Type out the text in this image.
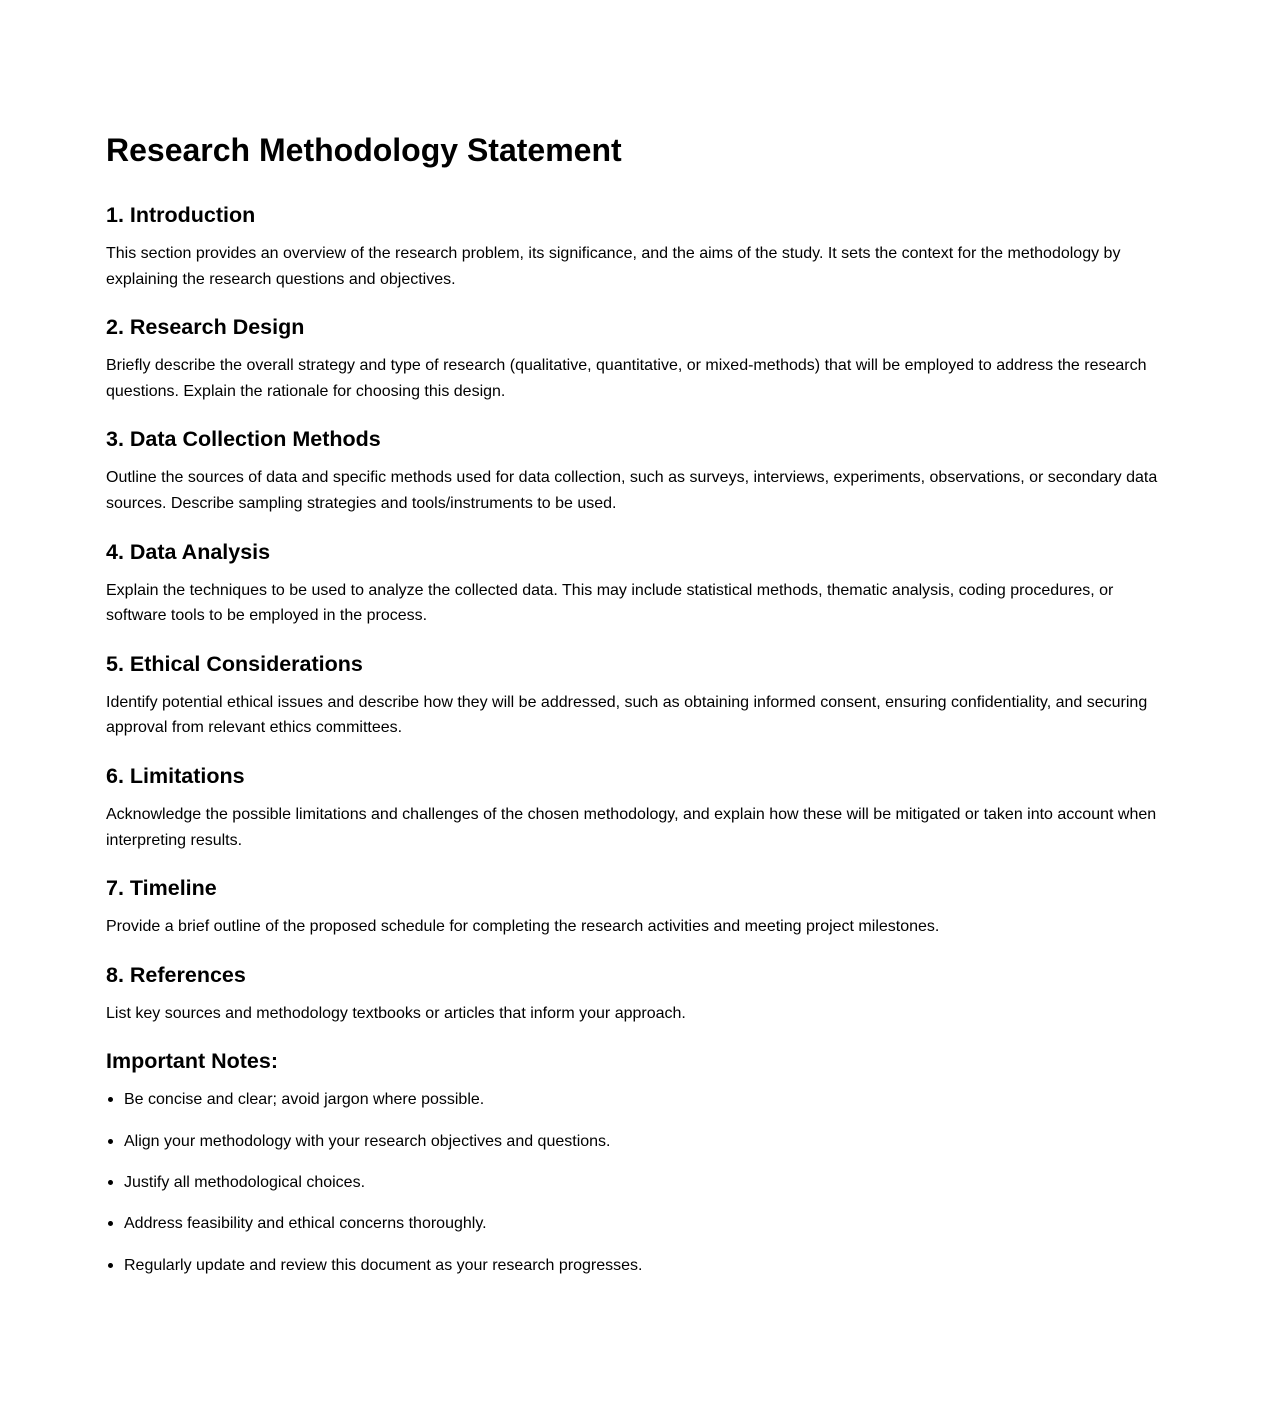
Research Methodology Statement
1. Introduction

This section provides an overview of the research problem, its significance, and the aims of the study. It sets the context for the methodology by explaining the research questions and objectives.

2. Research Design

Briefly describe the overall strategy and type of research (qualitative, quantitative, or mixed-methods) that will be employed to address the research questions. Explain the rationale for choosing this design.

3. Data Collection Methods

Outline the sources of data and specific methods used for data collection, such as surveys, interviews, experiments, observations, or secondary data sources. Describe sampling strategies and tools/instruments to be used.

4. Data Analysis

Explain the techniques to be used to analyze the collected data. This may include statistical methods, thematic analysis, coding procedures, or software tools to be employed in the process.

5. Ethical Considerations

Identify potential ethical issues and describe how they will be addressed, such as obtaining informed consent, ensuring confidentiality, and securing approval from relevant ethics committees.

6. Limitations

Acknowledge the possible limitations and challenges of the chosen methodology, and explain how these will be mitigated or taken into account when interpreting results.

7. Timeline

Provide a brief outline of the proposed schedule for completing the research activities and meeting project milestones.

8. References

List key sources and methodology textbooks or articles that inform your approach.

Important Notes:
Be concise and clear; avoid jargon where possible.
Align your methodology with your research objectives and questions.
Justify all methodological choices.
Address feasibility and ethical concerns thoroughly.
Regularly update and review this document as your research progresses.
